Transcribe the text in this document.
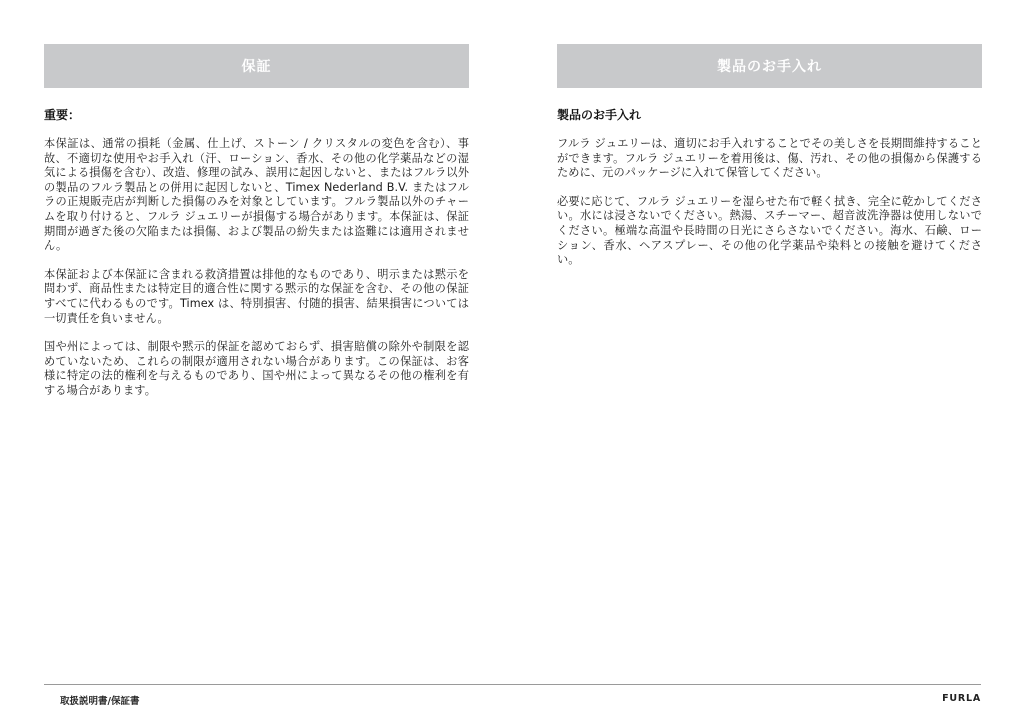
保証
重要：

本保証は、通常の損耗（金属、仕上げ、ストーン / クリスタルの変色を含む）、事故、不適切な使用やお手入れ（汗、ローション、香水、その他の化学薬品などの湿気による損傷を含む）、改造、修理の試み、誤用に起因しないと、またはフルラ以外の製品のフルラ製品との併用に起因しないと、Timex Nederland B.V. またはフルラの正規販売店が判断した損傷のみを対象としています。フルラ製品以外のチャームを取り付けると、フルラ ジュエリーが損傷する場合があります。本保証は、保証期間が過ぎた後の欠陥または損傷、および製品の紛失または盗難には適用されません。

本保証および本保証に含まれる救済措置は排他的なものであり、明示または黙示を問わず、商品性または特定目的適合性に関する黙示的な保証を含む、その他の保証すべてに代わるものです。Timex は、特別損害、付随的損害、結果損害については一切責任を負いません。

国や州によっては、制限や黙示的保証を認めておらず、損害賠償の除外や制限を認めていないため、これらの制限が適用されない場合があります。この保証は、お客様に特定の法的権利を与えるものであり、国や州によって異なるその他の権利を有する場合があります。

製品のお手入れ
製品のお手入れ

フルラ ジュエリーは、適切にお手入れすることでその美しさを長期間維持することができます。フルラ ジュエリーを着用後は、傷、汚れ、その他の損傷から保護するために、元のパッケージに入れて保管してください。

必要に応じて、フルラ ジュエリーを湿らせた布で軽く拭き、完全に乾かしてください。水には浸さないでください。熱湯、スチーマー、超音波洗浄器は使用しないでください。極端な高温や長時間の日光にさらさないでください。海水、石鹸、ローション、香水、ヘアスプレー、その他の化学薬品や染料との接触を避けてください。

取扱説明書/保証書	FURLA
